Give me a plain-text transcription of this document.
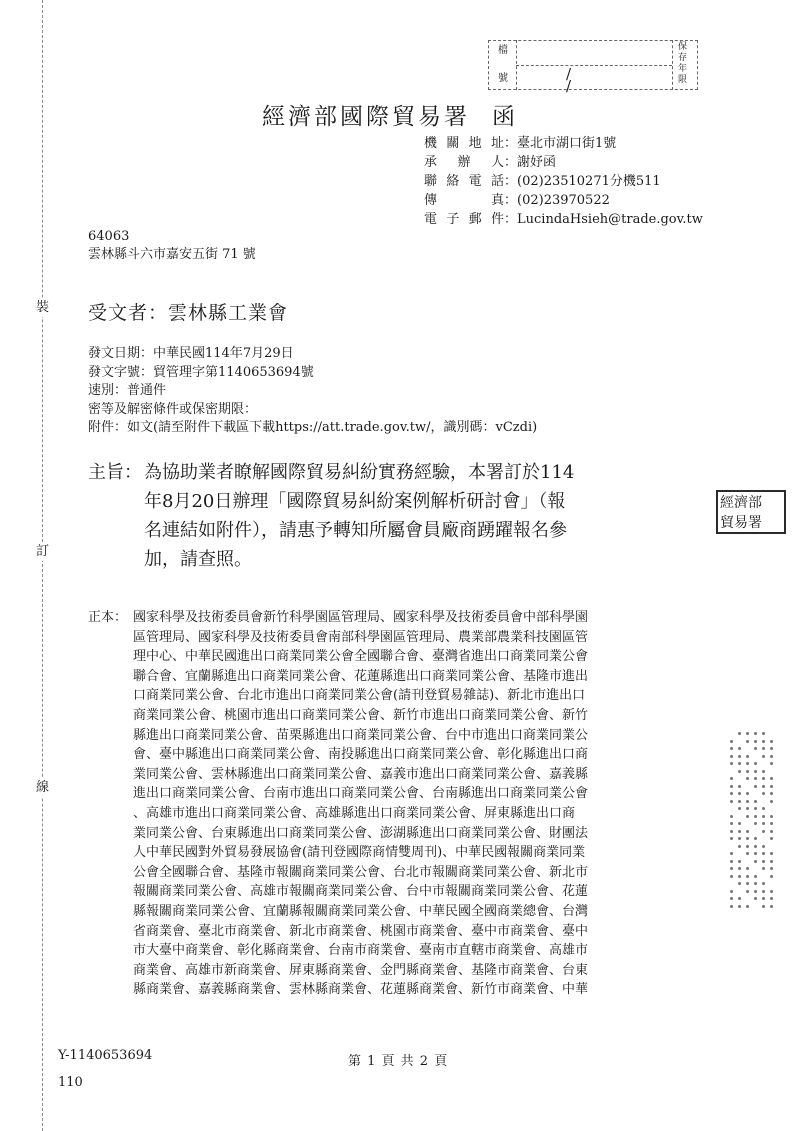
裝
訂
線
檔
號	/ /
保
存
年
限
經濟部國際貿易署 函
機關地址：臺北市湖口街1號
承 辦 人：謝妤函
聯絡電話：(02)23510271分機511
傳 真：(02)23970522
電子郵件：LucindaHsieh@trade.gov.tw
64063
雲林縣斗六市嘉安五街 71 號
受文者：雲林縣工業會
發文日期：中華民國114年7月29日
發文字號：貿管理字第1140653694號
速別：普通件
密等及解密條件或保密期限：
附件：如文(請至附件下載區下載https://att.trade.gov.tw/，識別碼：vCzdi)
主旨： 為協助業者瞭解國際貿易糾紛實務經驗，本署訂於114
年8月20日辦理「國際貿易糾紛案例解析研討會」（報
名連結如附件），請惠予轉知所屬會員廠商踴躍報名參
加，請查照。
經濟部
貿易署
正本： 國家科學及技術委員會新竹科學園區管理局、國家科學及技術委員會中部科學園
區管理局、國家科學及技術委員會南部科學園區管理局、農業部農業科技園區管
理中心、中華民國進出口商業同業公會全國聯合會、臺灣省進出口商業同業公會
聯合會、宜蘭縣進出口商業同業公會、花蓮縣進出口商業同業公會、基隆市進出
口商業同業公會、台北市進出口商業同業公會(請刊登貿易雜誌)、新北市進出口
商業同業公會、桃園市進出口商業同業公會、新竹市進出口商業同業公會、新竹
縣進出口商業同業公會、苗栗縣進出口商業同業公會、台中市進出口商業同業公
會、臺中縣進出口商業同業公會、南投縣進出口商業同業公會、彰化縣進出口商
業同業公會、雲林縣進出口商業同業公會、嘉義市進出口商業同業公會、嘉義縣
進出口商業同業公會、台南市進出口商業同業公會、台南縣進出口商業同業公會
、高雄市進出口商業同業公會、高雄縣進出口商業同業公會、屏東縣進出口商
業同業公會、台東縣進出口商業同業公會、澎湖縣進出口商業同業公會、財團法
人中華民國對外貿易發展協會(請刊登國際商情雙周刊)、中華民國報關商業同業
公會全國聯合會、基隆市報關商業同業公會、台北市報關商業同業公會、新北市
報關商業同業公會、高雄市報關商業同業公會、台中市報關商業同業公會、花蓮
縣報關商業同業公會、宜蘭縣報關商業同業公會、中華民國全國商業總會、台灣
省商業會、臺北市商業會、新北市商業會、桃園市商業會、臺中市商業會、臺中
市大臺中商業會、彰化縣商業會、台南市商業會、臺南市直轄市商業會、高雄市
商業會、高雄市新商業會、屏東縣商業會、金門縣商業會、基隆市商業會、台東
縣商業會、嘉義縣商業會、雲林縣商業會、花蓮縣商業會、新竹市商業會、中華
Y-1140653694	第 1 頁 共 2 頁
110
